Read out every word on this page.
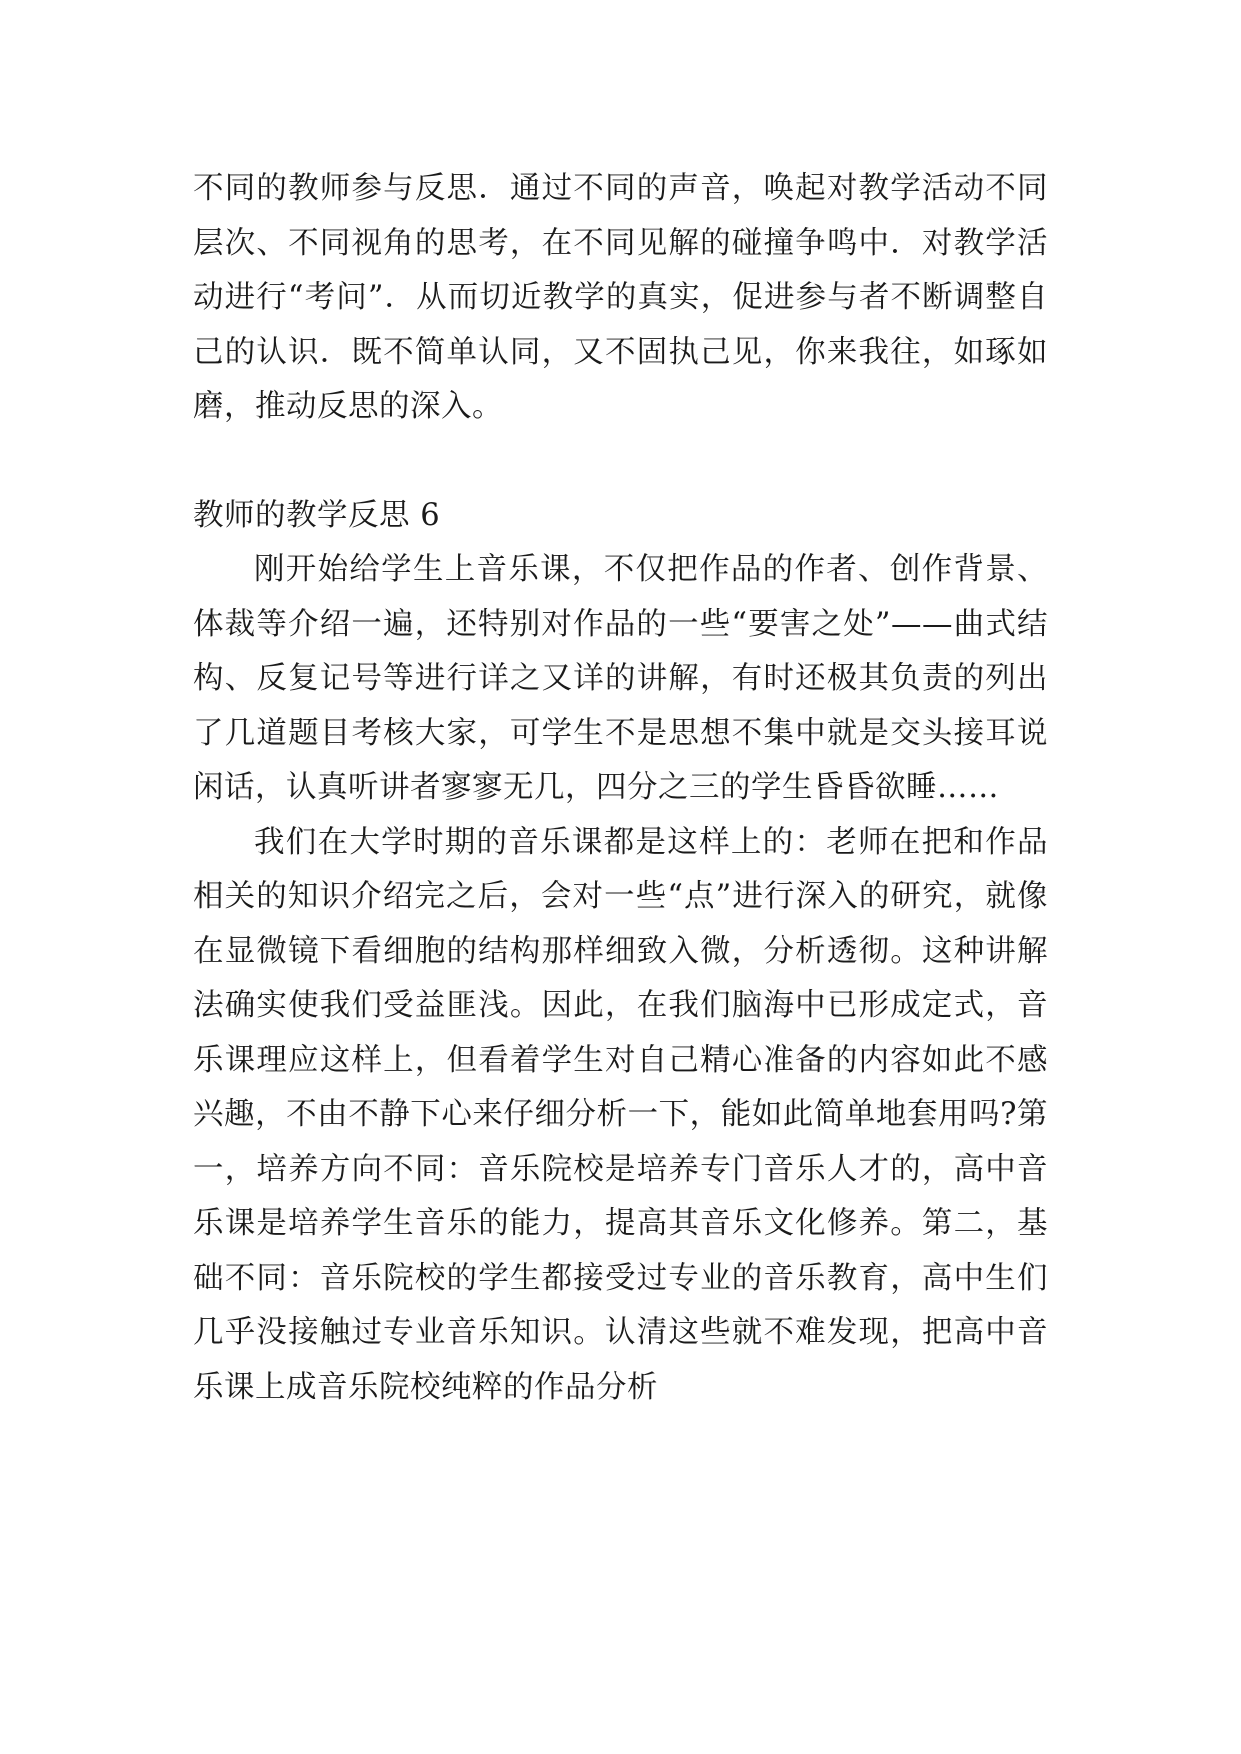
不同的教师参与反思．通过不同的声音，唤起对教学活动不同层次、不同视角的思考，在不同见解的碰撞争鸣中．对教学活动进行“考问”．从而切近教学的真实，促进参与者不断调整自己的认识．既不简单认同，又不固执己见，你来我往，如琢如磨，推动反思的深入。

教师的教学反思 6

刚开始给学生上音乐课，不仅把作品的作者、创作背景、体裁等介绍一遍，还特别对作品的一些“要害之处”——曲式结构、反复记号等进行详之又详的讲解，有时还极其负责的列出了几道题目考核大家，可学生不是思想不集中就是交头接耳说闲话，认真听讲者寥寥无几，四分之三的学生昏昏欲睡……

我们在大学时期的音乐课都是这样上的：老师在把和作品相关的知识介绍完之后，会对一些“点”进行深入的研究，就像在显微镜下看细胞的结构那样细致入微，分析透彻。这种讲解法确实使我们受益匪浅。因此，在我们脑海中已形成定式，音乐课理应这样上，但看着学生对自己精心准备的内容如此不感兴趣，不由不静下心来仔细分析一下，能如此简单地套用吗?第一，培养方向不同：音乐院校是培养专门音乐人才的，高中音乐课是培养学生音乐的能力，提高其音乐文化修养。第二，基础不同：音乐院校的学生都接受过专业的音乐教育，高中生们几乎没接触过专业音乐知识。认清这些就不难发现，把高中音乐课上成音乐院校纯粹的作品分析
